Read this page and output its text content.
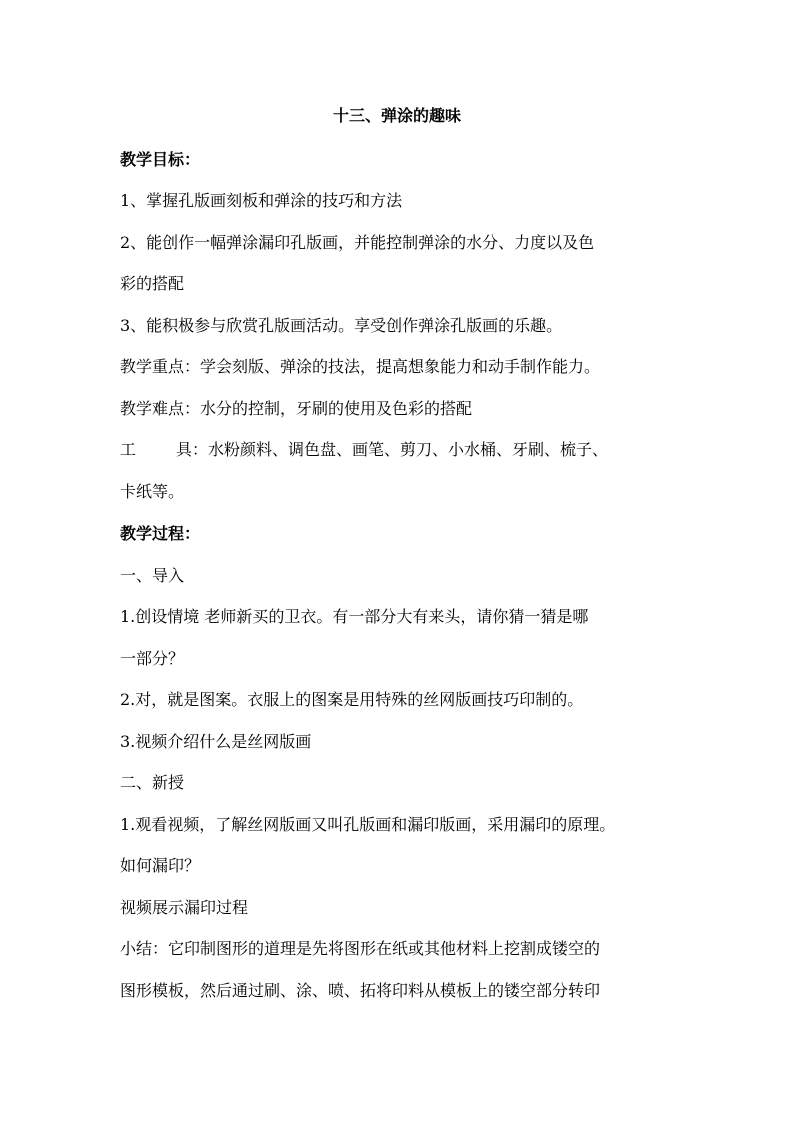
十三、弹涂的趣味
教学目标：
1、掌握孔版画刻板和弹涂的技巧和方法
2、能创作一幅弹涂漏印孔版画，并能控制弹涂的水分、力度以及色
彩的搭配
3、能积极参与欣赏孔版画活动。享受创作弹涂孔版画的乐趣。
教学重点：学会刻版、弹涂的技法，提高想象能力和动手制作能力。
教学难点：水分的控制，牙刷的使用及色彩的搭配
工	具：水粉颜料、调色盘、画笔、剪刀、小水桶、牙刷、梳子、
卡纸等。
教学过程：
一、导入
1.创设情境 老师新买的卫衣。有一部分大有来头，请你猜一猜是哪
一部分？
2.对，就是图案。衣服上的图案是用特殊的丝网版画技巧印制的。
3.视频介绍什么是丝网版画
二、新授
1.观看视频，了解丝网版画又叫孔版画和漏印版画，采用漏印的原理。
如何漏印？
视频展示漏印过程
小结：它印制图形的道理是先将图形在纸或其他材料上挖割成镂空的
图形模板，然后通过刷、涂、喷、拓将印料从模板上的镂空部分转印
